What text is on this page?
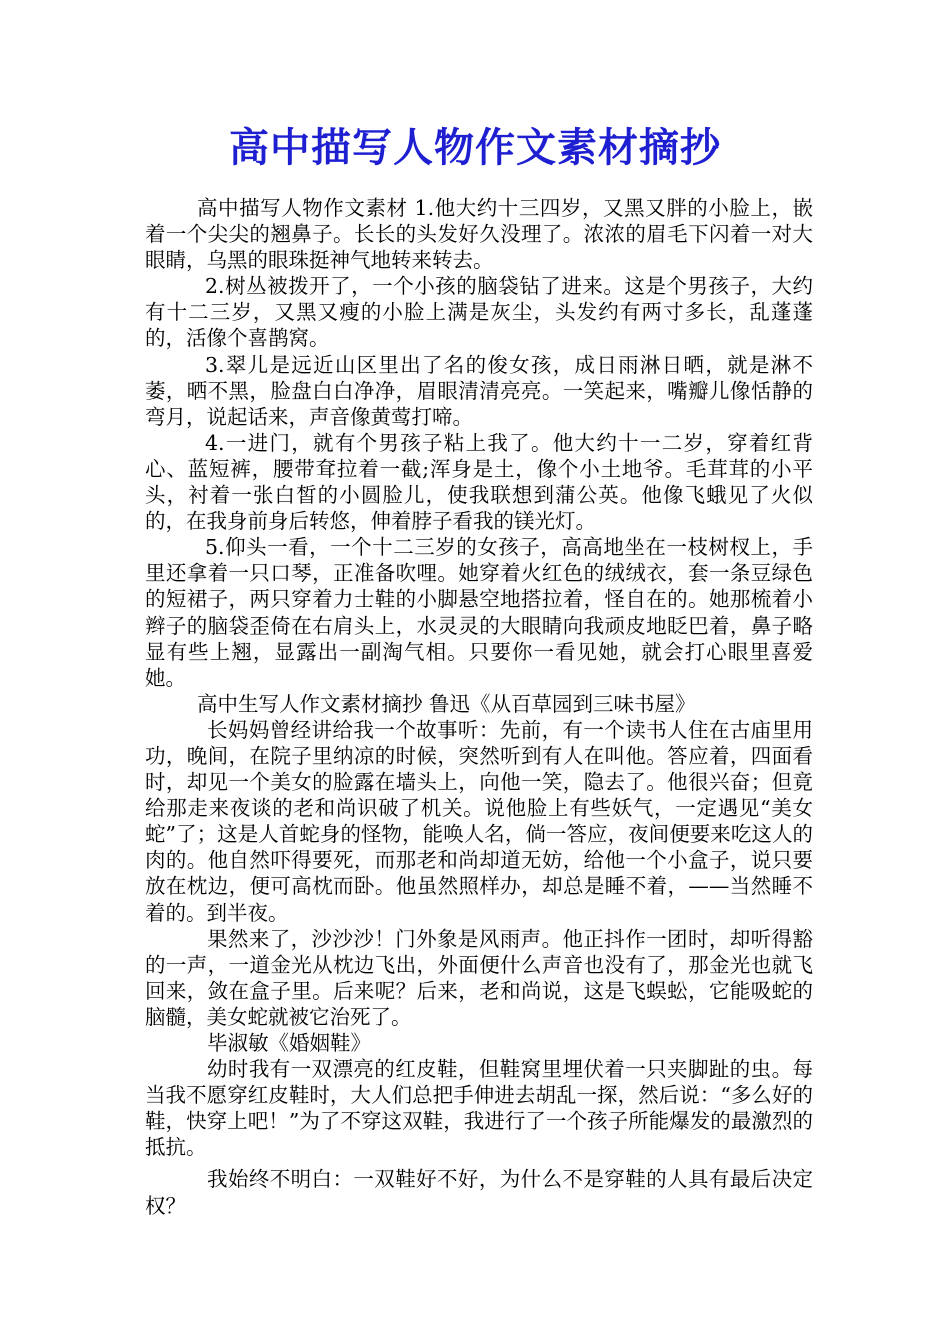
高中描写人物作文素材摘抄

高中描写人物作文素材 1.他大约十三四岁，又黑又胖的小脸上，嵌着一个尖尖的翘鼻子。长长的头发好久没理了。浓浓的眉毛下闪着一对大眼睛，乌黑的眼珠挺神气地转来转去。

2.树丛被拨开了，一个小孩的脑袋钻了进来。这是个男孩子，大约有十二三岁，又黑又瘦的小脸上满是灰尘，头发约有两寸多长，乱蓬蓬的，活像个喜鹊窝。

3.翠儿是远近山区里出了名的俊女孩，成日雨淋日晒，就是淋不萎，晒不黑，脸盘白白净净，眉眼清清亮亮。一笑起来，嘴瓣儿像恬静的弯月，说起话来，声音像黄莺打啼。

4.一进门，就有个男孩子粘上我了。他大约十一二岁，穿着红背心、蓝短裤，腰带耷拉着一截;浑身是土，像个小土地爷。毛茸茸的小平头，衬着一张白皙的小圆脸儿，使我联想到蒲公英。他像飞蛾见了火似的，在我身前身后转悠，伸着脖子看我的镁光灯。

5.仰头一看，一个十二三岁的女孩子，高高地坐在一枝树杈上，手里还拿着一只口琴，正准备吹哩。她穿着火红色的绒绒衣，套一条豆绿色的短裙子，两只穿着力士鞋的小脚悬空地搭拉着，怪自在的。她那梳着小辫子的脑袋歪倚在右肩头上，水灵灵的大眼睛向我顽皮地眨巴着，鼻子略显有些上翘，显露出一副淘气相。只要你一看见她，就会打心眼里喜爱她。

高中生写人作文素材摘抄 鲁迅《从百草园到三味书屋》

长妈妈曾经讲给我一个故事听：先前，有一个读书人住在古庙里用功，晚间，在院子里纳凉的时候，突然听到有人在叫他。答应着，四面看时，却见一个美女的脸露在墙头上，向他一笑，隐去了。他很兴奋；但竟给那走来夜谈的老和尚识破了机关。说他脸上有些妖气，一定遇见“美女蛇”了；这是人首蛇身的怪物，能唤人名，倘一答应，夜间便要来吃这人的肉的。他自然吓得要死，而那老和尚却道无妨，给他一个小盒子，说只要放在枕边，便可高枕而卧。他虽然照样办，却总是睡不着，——当然睡不着的。到半夜。

果然来了，沙沙沙！门外象是风雨声。他正抖作一团时，却听得豁的一声，一道金光从枕边飞出，外面便什么声音也没有了，那金光也就飞回来，敛在盒子里。后来呢？后来，老和尚说，这是飞蜈蚣，它能吸蛇的脑髓，美女蛇就被它治死了。

毕淑敏《婚姻鞋》

幼时我有一双漂亮的红皮鞋，但鞋窝里埋伏着一只夹脚趾的虫。每当我不愿穿红皮鞋时，大人们总把手伸进去胡乱一探，然后说：“多么好的鞋，快穿上吧！”为了不穿这双鞋，我进行了一个孩子所能爆发的最激烈的抵抗。

我始终不明白：一双鞋好不好，为什么不是穿鞋的人具有最后决定权？
